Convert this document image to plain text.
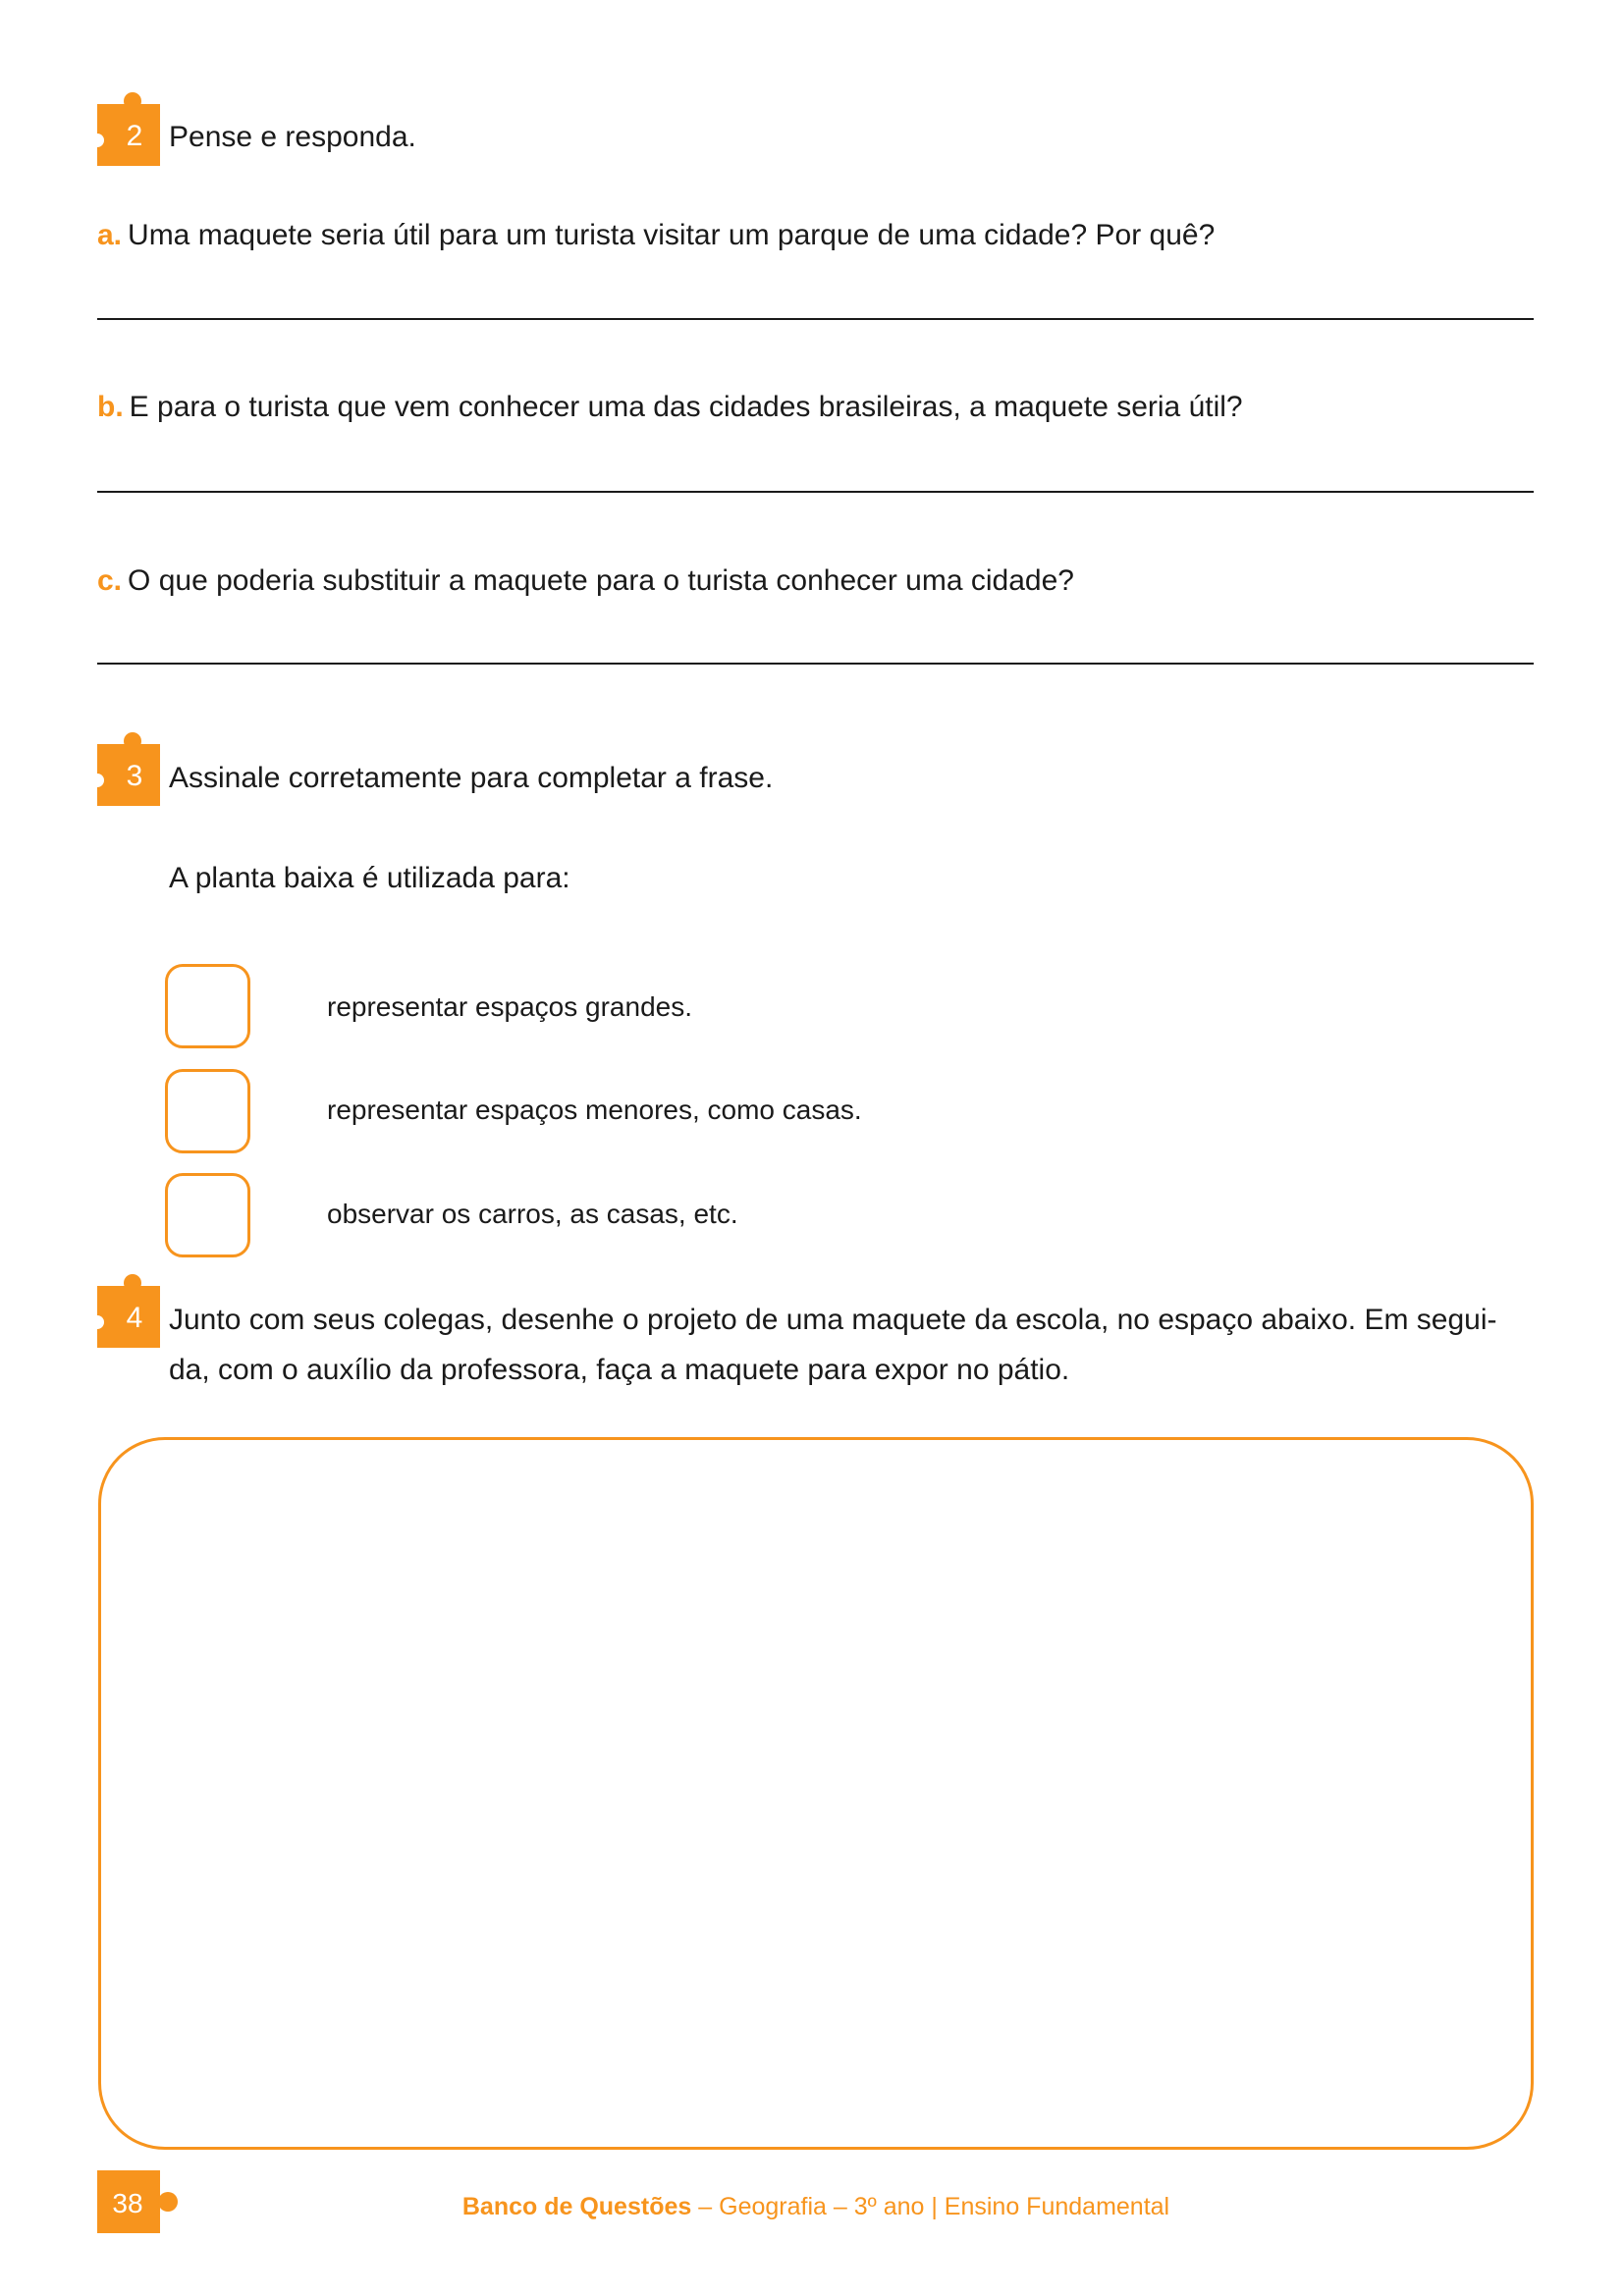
2 Pense e responda.
a. Uma maquete seria útil para um turista visitar um parque de uma cidade? Por quê?
b. E para o turista que vem conhecer uma das cidades brasileiras, a maquete seria útil?
c. O que poderia substituir a maquete para o turista conhecer uma cidade?
3 Assinale corretamente para completar a frase.
A planta baixa é utilizada para:
representar espaços grandes.
representar espaços menores, como casas.
observar os carros, as casas, etc.
4 Junto com seus colegas, desenhe o projeto de uma maquete da escola, no espaço abaixo. Em segui-
da, com o auxílio da professora, faça a maquete para expor no pátio.
38	Banco de Questões – Geografia – 3º ano | Ensino Fundamental
